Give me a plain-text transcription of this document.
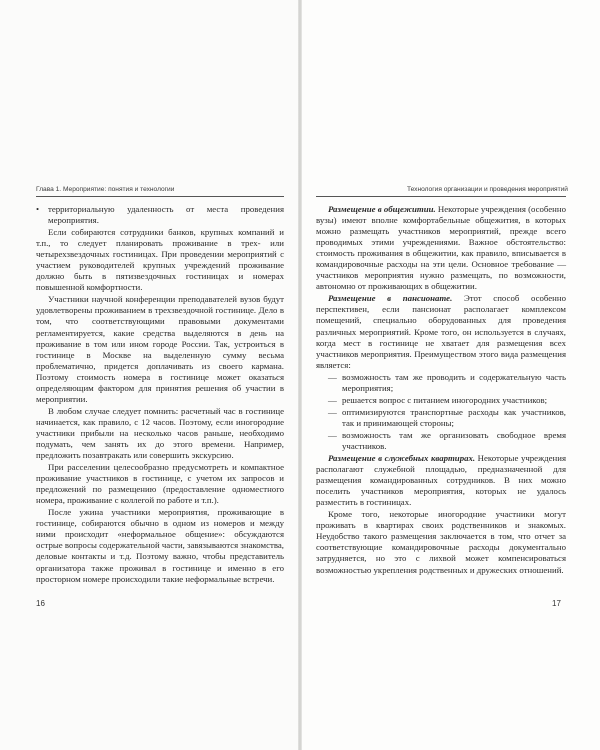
Глава 1. Мероприятие: понятия и технологии	Технология организации и проведения мероприятий

• территориальную удаленность от места проведения мероприятия.

Если собираются сотрудники банков, крупных компаний и т.п., то следует планировать проживание в трех- или четырехзвездочных гостиницах. При проведении мероприятий с участием руководителей крупных учреждений проживание должно быть в пятизвездочных гостиницах и номерах повышенной комфортности.

Участники научной конференции преподавателей вузов будут удовлетворены проживанием в трехзвездочной гостинице. Дело в том, что соответствующими правовыми документами регламентируется, какие средства выделяются в день на проживание в том или ином городе России. Так, устроиться в гостинице в Москве на выделенную сумму весьма проблематично, придется доплачивать из своего кармана. Поэтому стоимость номера в гостинице может оказаться определяющим фактором для принятия решения об участии в мероприятии.

В любом случае следует помнить: расчетный час в гостинице начинается, как правило, с 12 часов. Поэтому, если иногородние участники прибыли на несколько часов раньше, необходимо подумать, чем занять их до этого времени. Например, предложить позавтракать или совершить экскурсию.

При расселении целесообразно предусмотреть и компактное проживание участников в гостинице, с учетом их запросов и предложений по размещению (предоставление одноместного номера, проживание с коллегой по работе и т.п.).

После ужина участники мероприятия, проживающие в гостинице, собираются обычно в одном из номеров и между ними происходит «неформальное общение»: обсуждаются острые вопросы содержательной части, завязываются знакомства, деловые контакты и т.д. Поэтому важно, чтобы представитель организатора также проживал в гостинице и именно в его просторном номере происходили такие неформальные встречи.

Размещение в общежитии. Некоторые учреждения (особенно вузы) имеют вполне комфортабельные общежития, в которых можно размещать участников мероприятий, прежде всего проводимых этими учреждениями. Важное обстоятельство: стоимость проживания в общежитии, как правило, вписывается в командировочные расходы на эти цели. Основное требование — участников мероприятия нужно размещать, по возможности, автономно от проживающих в общежитии.

Размещение в пансионате. Этот способ особенно перспективен, если пансионат располагает комплексом помещений, специально оборудованных для проведения различных мероприятий. Кроме того, он используется в случаях, когда мест в гостинице не хватает для размещения всех участников мероприятия. Преимуществом этого вида размещения является:

— возможность там же проводить и содержательную часть мероприятия;

— решается вопрос с питанием иногородних участников;

— оптимизируются транспортные расходы как участников, так и принимающей стороны;

— возможность там же организовать свободное время участников.

Размещение в служебных квартирах. Некоторые учреждения располагают служебной площадью, предназначенной для размещения командированных сотрудников. В них можно поселить участников мероприятия, которых не удалось разместить в гостиницах.

Кроме того, некоторые иногородние участники могут проживать в квартирах своих родственников и знакомых. Неудобство такого размещения заключается в том, что отчет за соответствующие командировочные расходы документально затрудняется, но это с лихвой может компенсироваться возможностью укрепления родственных и дружеских отношений.

16	17
